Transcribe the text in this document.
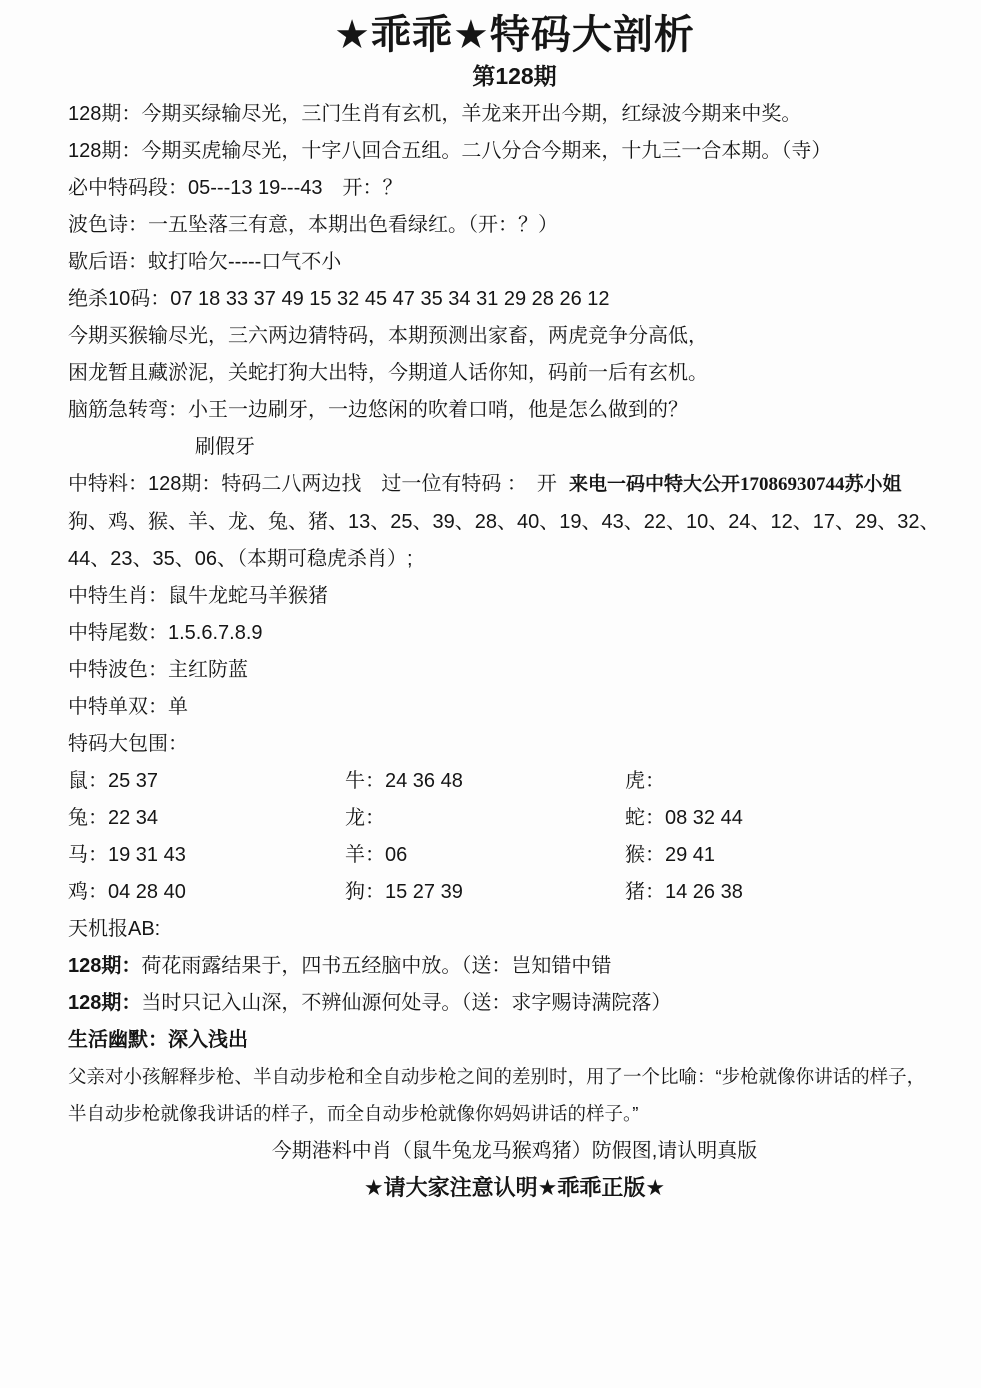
★乖乖★特码大剖析
第128期

128期：今期买绿输尽光，三门生肖有玄机，羊龙来开出今期，红绿波今期来中奖。

128期：今期买虎输尽光，十字八回合五组。二八分合今期来，十九三一合本期。（寺）

必中特码段：05---13 19---43　开：？

波色诗：一五坠落三有意，本期出色看绿红。（开：？）

歇后语：蚊打哈欠-----口气不小

绝杀10码：07 18 33 37 49 15 32 45 47 35 34 31 29 28 26 12

今期买猴输尽光，三六两边猜特码，本期预测出家畜，两虎竞争分高低，

困龙暂且藏淤泥，关蛇打狗大出特，今期道人话你知，码前一后有玄机。

脑筋急转弯：小王一边刷牙，一边悠闲的吹着口哨，他是怎么做到的？

刷假牙

中特料：128期：特码二八两边找　过一位有特码 ：　开 来电一码中特大公开17086930744苏小姐

狗、鸡、猴、羊、龙、兔、猪、13、25、39、28、40、19、43、22、10、24、12、17、29、32、

44、23、35、06、（本期可稳虎杀肖）;

中特生肖：鼠牛龙蛇马羊猴猪

中特尾数：1.5.6.7.8.9

中特波色：主红防蓝

中特单双：单

特码大包围：

鼠：25 37	牛：24 36 48	虎：
兔：22 34	龙：	蛇：08 32 44
马：19 31 43	羊：06	猴：29 41
鸡：04 28 40	狗：15 27 39	猪：14 26 38

天机报AB:

128期：荷花雨露结果于，四书五经脑中放。（送：岂知错中错

128期：当时只记入山深，不辨仙源何处寻。（送：求字赐诗满院落）

生活幽默：深入浅出

父亲对小孩解释步枪、半自动步枪和全自动步枪之间的差别时，用了一个比喻：“步枪就像你讲话的样子，

半自动步枪就像我讲话的样子，而全自动步枪就像你妈妈讲话的样子。”

今期港料中肖（鼠牛兔龙马猴鸡猪）防假图,请认明真版

★请大家注意认明★乖乖正版★
